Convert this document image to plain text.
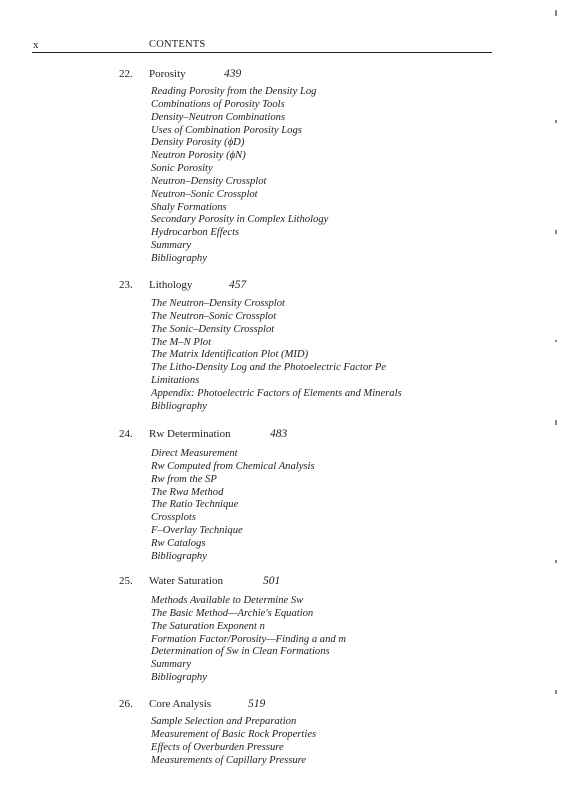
x	CONTENTS
22. Porosity	439
Reading Porosity from the Density Log
Combinations of Porosity Tools
Density–Neutron Combinations
Uses of Combination Porosity Logs
Density Porosity (ϕD)
Neutron Porosity (ϕN)
Sonic Porosity
Neutron–Density Crossplot
Neutron–Sonic Crossplot
Shaly Formations
Secondary Porosity in Complex Lithology
Hydrocarbon Effects
Summary
Bibliography
23. Lithology	457
The Neutron–Density Crossplot
The Neutron–Sonic Crossplot
The Sonic–Density Crossplot
The M–N Plot
The Matrix Identification Plot (MID)
The Litho-Density Log and the Photoelectric Factor Pe
Limitations
Appendix: Photoelectric Factors of Elements and Minerals
Bibliography
24. Rw Determination	483
Direct Measurement
Rw Computed from Chemical Analysis
Rw from the SP
The Rwa Method
The Ratio Technique
Crossplots
F–Overlay Technique
Rw Catalogs
Bibliography
25. Water Saturation	501
Methods Available to Determine Sw
The Basic Method—Archie's Equation
The Saturation Exponent n
Formation Factor/Porosity—Finding a and m
Determination of Sw in Clean Formations
Summary
Bibliography
26. Core Analysis	519
Sample Selection and Preparation
Measurement of Basic Rock Properties
Effects of Overburden Pressure
Measurements of Capillary Pressure
